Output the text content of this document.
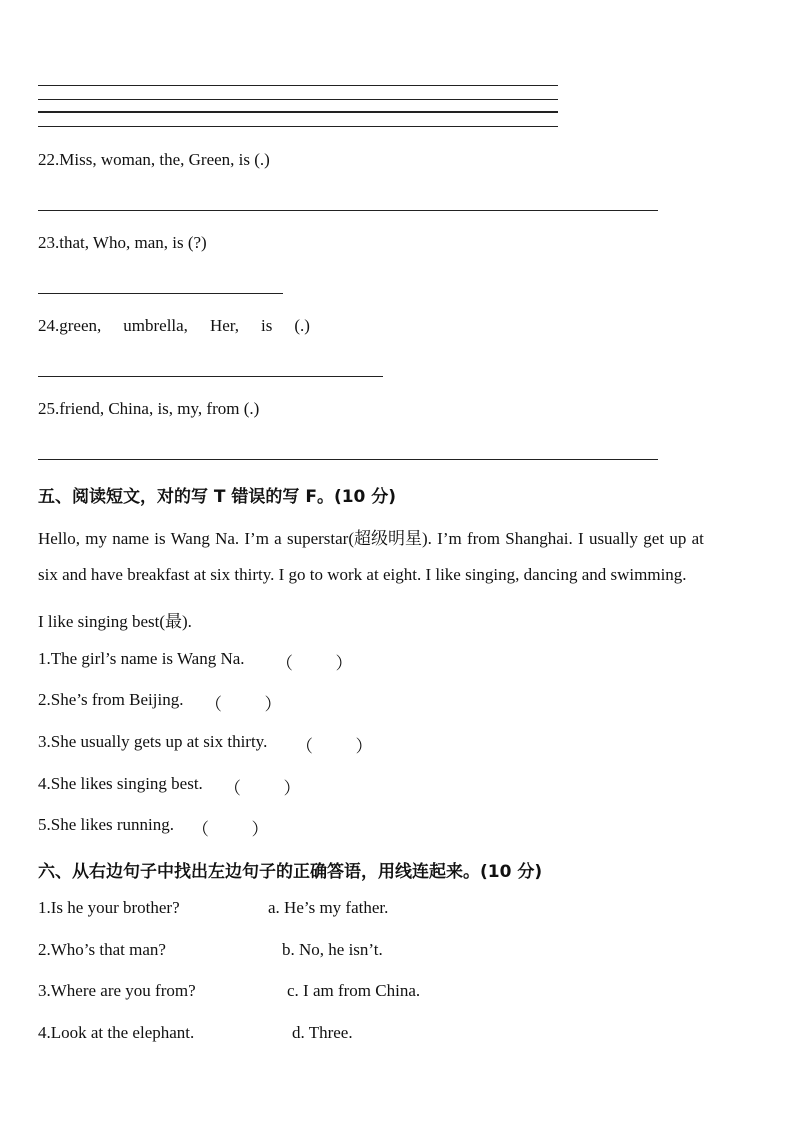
22.Miss, woman, the, Green, is (.)
23.that, Who, man, is (?)
24.green, umbrella, Her, is (.)
25.friend, China, is, my, from (.)
五、阅读短文，对的写 T 错误的写 F。(10 分)
Hello, my name is Wang Na. I’m a superstar(超级明星). I’m from Shanghai. I usually get up at
six and have breakfast at six thirty. I go to work at eight. I like singing, dancing and swimming.
I like singing best(最).
1.The girl’s name is Wang Na. （          ）
2.She’s from Beijing. （          ）
3.She usually gets up at six thirty. （          ）
4.She likes singing best. （          ）
5.She likes running. （          ）
六、从右边句子中找出左边句子的正确答语，用线连起来。(10 分)
1.Is he your brother?	a. He’s my father.
2.Who’s that man?	b. No, he isn’t.
3.Where are you from?	c. I am from China.
4.Look at the elephant.	d. Three.
